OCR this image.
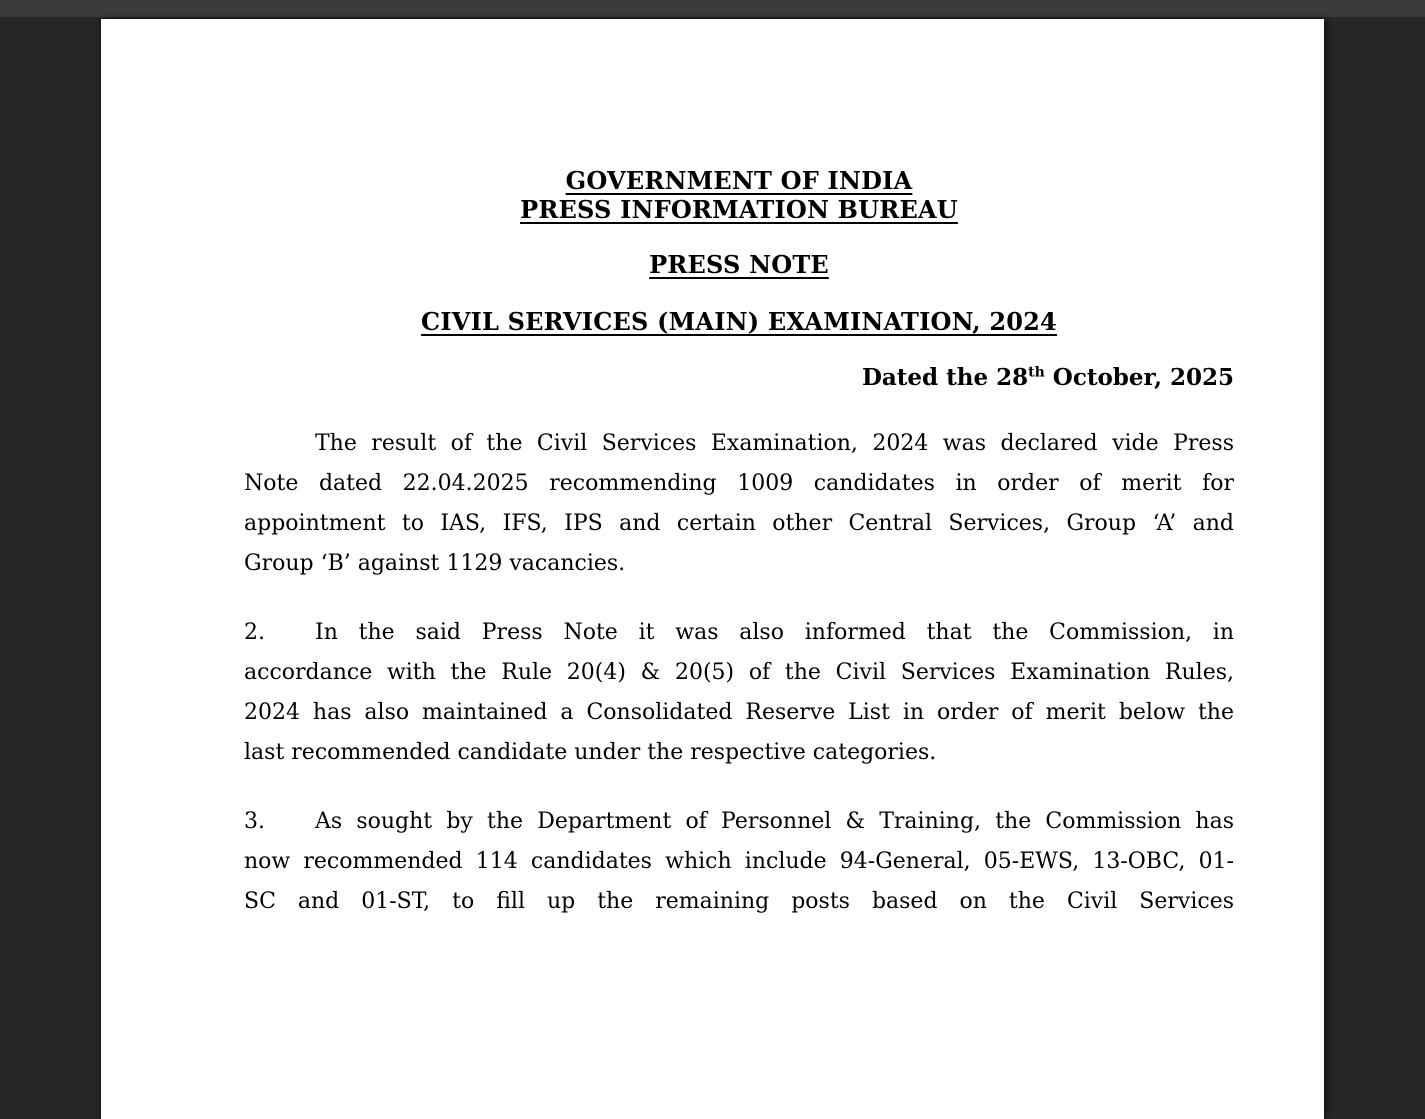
GOVERNMENT OF INDIA
PRESS INFORMATION BUREAU
PRESS NOTE
CIVIL SERVICES (MAIN) EXAMINATION, 2024
Dated the 28th October, 2025
The result of the Civil Services Examination, 2024 was declared vide Press
Note dated 22.04.2025 recommending 1009 candidates in order of merit for
appointment to IAS, IFS, IPS and certain other Central Services, Group ‘A’ and
Group ‘B’ against 1129 vacancies.
2. In the said Press Note it was also informed that the Commission, in
accordance with the Rule 20(4) & 20(5) of the Civil Services Examination Rules,
2024 has also maintained a Consolidated Reserve List in order of merit below the
last recommended candidate under the respective categories.
3. As sought by the Department of Personnel & Training, the Commission has
now recommended 114 candidates which include 94-General, 05-EWS, 13-OBC, 01-
SC and 01-ST, to fill up the remaining posts based on the Civil Services
